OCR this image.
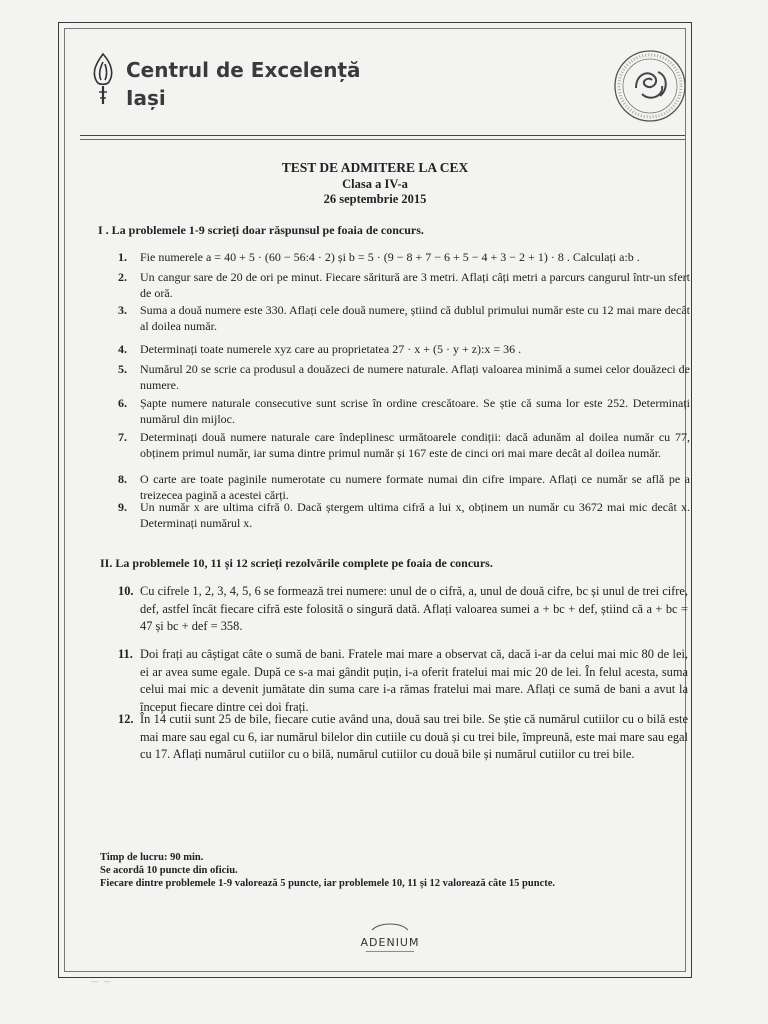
Centrul de Excelență
Iași
TEST DE ADMITERE LA CEX
Clasa a IV-a
26 septembrie 2015
I . La problemele 1-9 scrieți doar răspunsul pe foaia de concurs.
1. Fie numerele a = 40 + 5 · (60 − 56:4 · 2) și b = 5 · (9 − 8 + 7 − 6 + 5 − 4 + 3 − 2 + 1) · 8 . Calculați a:b .
2. Un cangur sare de 20 de ori pe minut. Fiecare săritură are 3 metri. Aflați câți metri a parcurs cangurul într-un sfert de oră.
3. Suma a două numere este 330. Aflați cele două numere, știind că dublul primului număr este cu 12 mai mare decât al doilea număr.
4. Determinați toate numerele xyz care au proprietatea 27 · x + (5 · y + z):x = 36 .
5. Numărul 20 se scrie ca produsul a douăzeci de numere naturale. Aflați valoarea minimă a sumei celor douăzeci de numere.
6. Șapte numere naturale consecutive sunt scrise în ordine crescătoare. Se știe că suma lor este 252. Determinați numărul din mijloc.
7. Determinați două numere naturale care îndeplinesc următoarele condiții: dacă adunăm al doilea număr cu 77, obținem primul număr, iar suma dintre primul număr și 167 este de cinci ori mai mare decât al doilea număr.
8. O carte are toate paginile numerotate cu numere formate numai din cifre impare. Aflați ce număr se află pe a treizecea pagină a acestei cărți.
9. Un număr x are ultima cifră 0. Dacă ștergem ultima cifră a lui x, obținem un număr cu 3672 mai mic decât x. Determinați numărul x.
II. La problemele 10, 11 și 12 scrieți rezolvările complete pe foaia de concurs.
10. Cu cifrele 1, 2, 3, 4, 5, 6 se formează trei numere: unul de o cifră, a, unul de două cifre, bc și unul de trei cifre, def, astfel încât fiecare cifră este folosită o singură dată. Aflați valoarea sumei a + bc + def, știind că a + bc = 47 și bc + def = 358.
11. Doi frați au câștigat câte o sumă de bani. Fratele mai mare a observat că, dacă i-ar da celui mai mic 80 de lei, ei ar avea sume egale. După ce s-a mai gândit puțin, i-a oferit fratelui mai mic 20 de lei. În felul acesta, suma celui mai mic a devenit jumătate din suma care i-a rămas fratelui mai mare. Aflați ce sumă de bani a avut la început fiecare dintre cei doi frați.
12. În 14 cutii sunt 25 de bile, fiecare cutie având una, două sau trei bile. Se știe că numărul cutiilor cu o bilă este mai mare sau egal cu 6, iar numărul bilelor din cutiile cu două și cu trei bile, împreună, este mai mare sau egal cu 17. Aflați numărul cutiilor cu o bilă, numărul cutiilor cu două bile și numărul cutiilor cu trei bile.
Timp de lucru: 90 min.
Se acordă 10 puncte din oficiu.
Fiecare dintre problemele 1-9 valorează 5 puncte, iar problemele 10, 11 și 12 valorează câte 15 puncte.
ADENIUM
━━━━━━━━━━━━━━━━
~ ~
